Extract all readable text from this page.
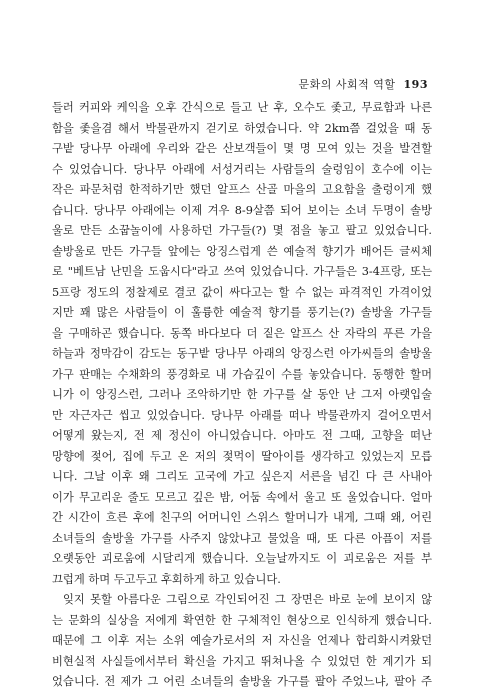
문화의 사회적 역할 193
들러 커피와 케익을 오후 간식으로 들고 난 후, 오수도 좇고, 무료함과 나른
함을 좇을겸 해서 박물관까지 걷기로 하였습니다. 약 2km쯤 걸었을 때 동
구밭 당나무 아래에 우리와 같은 산보객들이 몇 명 모여 있는 것을 발견할
수 있었습니다. 당나무 아래에 서성거리는 사람들의 술렁임이 호수에 이는
작은 파문처럼 한적하기만 했던 알프스 산골 마을의 고요함을 출렁이게 했
습니다. 당나무 아래에는 이제 겨우 8-9살쯤 되어 보이는 소녀 두명이 솔방
울로 만든 소꿉놀이에 사용하던 가구들(?) 몇 점을 놓고 팔고 있었습니다.
솔방울로 만든 가구들 앞에는 앙징스럽게 쓴 예술적 향기가 배어든 글씨체
로 "베트남 난민을 도웁시다"라고 쓰여 있었습니다. 가구들은 3-4프랑, 또는
5프랑 정도의 정찰제로 결코 값이 싸다고는 할 수 없는 파격적인 가격이었
지만 꽤 많은 사람들이 이 훌륭한 예술적 향기를 풍기는(?) 솔방울 가구들
을 구매하곤 했습니다. 동쪽 바다보다 더 짙은 알프스 산 자락의 푸른 가을
하늘과 정막감이 감도는 동구밭 당나무 아래의 앙징스런 아가씨들의 솔방울
가구 판매는 수채화의 풍경화로 내 가슴깊이 수를 놓았습니다. 동행한 할머
니가 이 앙징스런, 그러나 조악하기만 한 가구를 살 동안 난 그저 아랫입술
만 자근자근 씹고 있었습니다. 당나무 아래를 떠나 박물관까지 걸어오면서
어떻게 왔는지, 전 제 정신이 아니었습니다. 아마도 전 그때, 고향을 떠난
망향에 젖어, 집에 두고 온 저의 젖먹이 딸아이를 생각하고 있었는지 모릅
니다. 그날 이후 왜 그리도 고국에 가고 싶은지 서른을 넘긴 다 큰 사내아
이가 무고리운 줄도 모르고 깊은 밤, 어둠 속에서 울고 또 울었습니다. 얼마
간 시간이 흐른 후에 친구의 어머니인 스위스 할머니가 내게, 그때 왜, 어린
소녀들의 솔방울 가구를 사주지 않았냐고 물었을 때, 또 다른 아픔이 저를
오랫동안 괴로움에 시달리게 했습니다. 오늘날까지도 이 괴로움은 저를 부
끄럽게 하며 두고두고 후회하게 하고 있습니다.
잊지 못할 아름다운 그림으로 각인되어진 그 장면은 바로 눈에 보이지 않
는 문화의 실상을 저에게 확연한 한 구체적인 현상으로 인식하게 했습니다.
때문에 그 이후 저는 소위 예술가로서의 저 자신을 언제나 합리화시켜왔던
비현실적 사실들에서부터 확신을 가지고 뛰쳐나올 수 있었던 한 계기가 되
었습니다. 전 제가 그 어린 소녀들의 솔방울 가구를 팔아 주었느냐, 팔아 주
